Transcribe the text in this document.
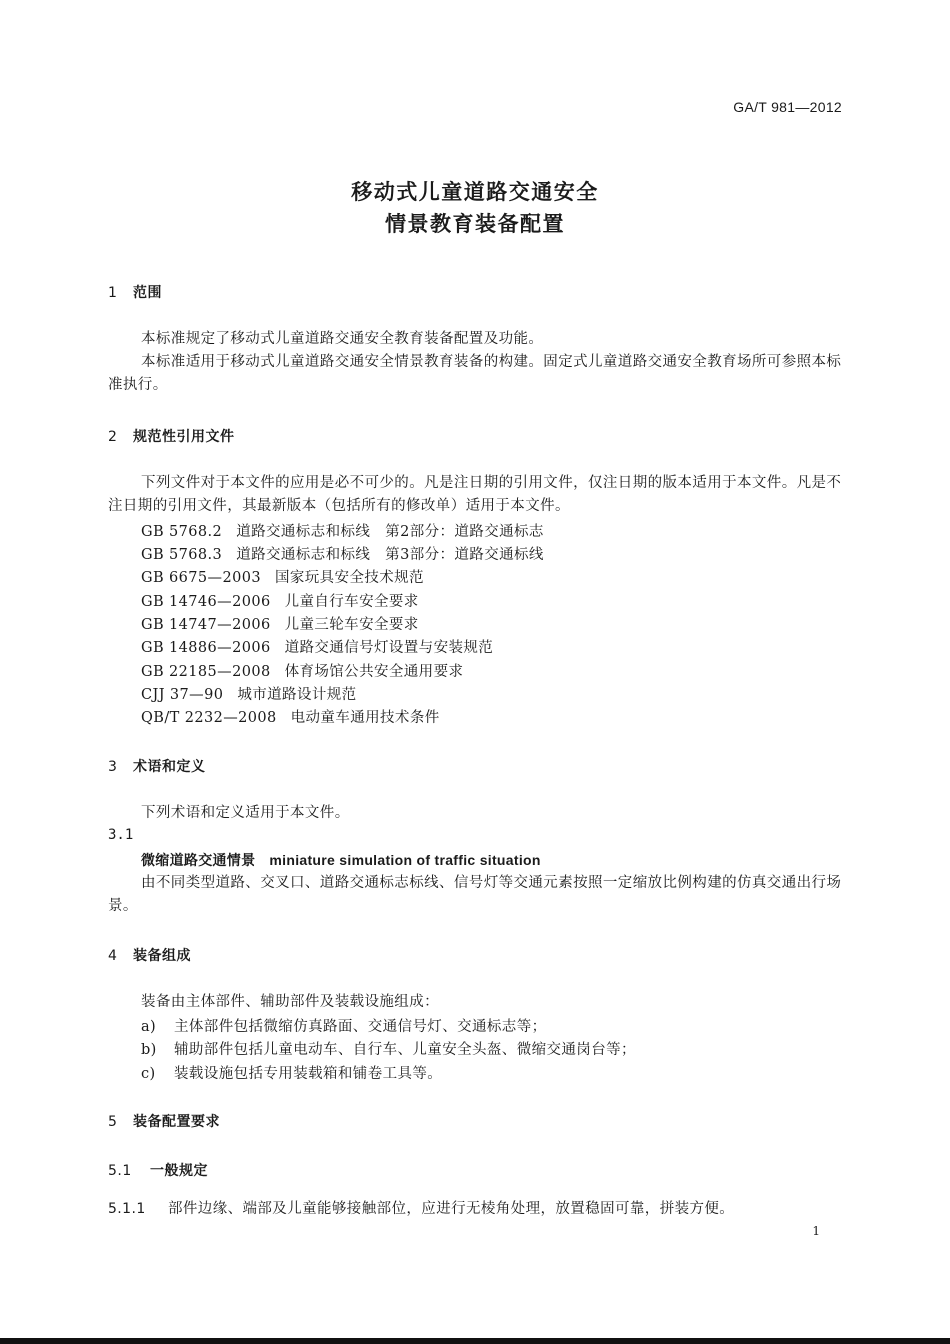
GA/T 981—2012
移动式儿童道路交通安全
情景教育装备配置
1 范围
本标准规定了移动式儿童道路交通安全教育装备配置及功能。
本标准适用于移动式儿童道路交通安全情景教育装备的构建。固定式儿童道路交通安全教育场所可参照本标准执行。
2 规范性引用文件
下列文件对于本文件的应用是必不可少的。凡是注日期的引用文件，仅注日期的版本适用于本文件。凡是不注日期的引用文件，其最新版本（包括所有的修改单）适用于本文件。
GB 5768.2 道路交通标志和标线　第2部分：道路交通标志
GB 5768.3 道路交通标志和标线　第3部分：道路交通标线
GB 6675—2003 国家玩具安全技术规范
GB 14746—2006 儿童自行车安全要求
GB 14747—2006 儿童三轮车安全要求
GB 14886—2006 道路交通信号灯设置与安装规范
GB 22185—2008 体育场馆公共安全通用要求
CJJ 37—90 城市道路设计规范
QB/T 2232—2008 电动童车通用技术条件
3 术语和定义
下列术语和定义适用于本文件。
3.1
微缩道路交通情景 miniature simulation of traffic situation
由不同类型道路、交叉口、道路交通标志标线、信号灯等交通元素按照一定缩放比例构建的仿真交通出行场景。
4 装备组成
装备由主体部件、辅助部件及装载设施组成：
a) 主体部件包括微缩仿真路面、交通信号灯、交通标志等；
b) 辅助部件包括儿童电动车、自行车、儿童安全头盔、微缩交通岗台等；
c) 装载设施包括专用装载箱和铺卷工具等。
5 装备配置要求
5.1 一般规定
5.1.1 部件边缘、端部及儿童能够接触部位，应进行无棱角处理，放置稳固可靠，拼装方便。
1
